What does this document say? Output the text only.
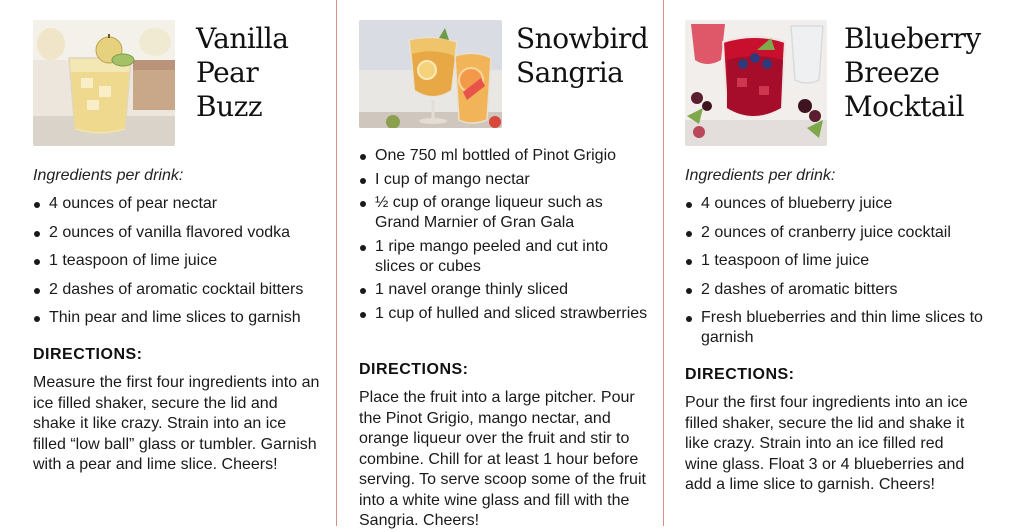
Vanilla
Pear
Buzz
Ingredients per drink:
4 ounces of pear nectar
2 ounces of vanilla flavored vodka
1 teaspoon of lime juice
2 dashes of aromatic cocktail bitters
Thin pear and lime slices to garnish
DIRECTIONS:

Measure the first four ingredients into an ice filled shaker, secure the lid and shake it like crazy. Strain into an ice filled “low ball” glass or tumbler. Garnish with a pear and lime slice. Cheers!

Snowbird
Sangria
One 750 ml bottled of Pinot Grigio
I cup of mango nectar
½ cup of orange liqueur such as Grand Marnier of Gran Gala
1 ripe mango peeled and cut into slices or cubes
1 navel orange thinly sliced
1 cup of hulled and sliced strawberries
DIRECTIONS:

Place the fruit into a large pitcher. Pour the Pinot Grigio, mango nectar, and orange liqueur over the fruit and stir to combine. Chill for at least 1 hour before serving. To serve scoop some of the fruit into a white wine glass and fill with the Sangria. Cheers!

Blueberry
Breeze
Mocktail
Ingredients per drink:
4 ounces of blueberry juice
2 ounces of cranberry juice cocktail
1 teaspoon of lime juice
2 dashes of aromatic bitters
Fresh blueberries and thin lime slices to garnish
DIRECTIONS:

Pour the first four ingredients into an ice filled shaker, secure the lid and shake it like crazy. Strain into an ice filled red wine glass. Float 3 or 4 blueberries and add a lime slice to garnish. Cheers!
